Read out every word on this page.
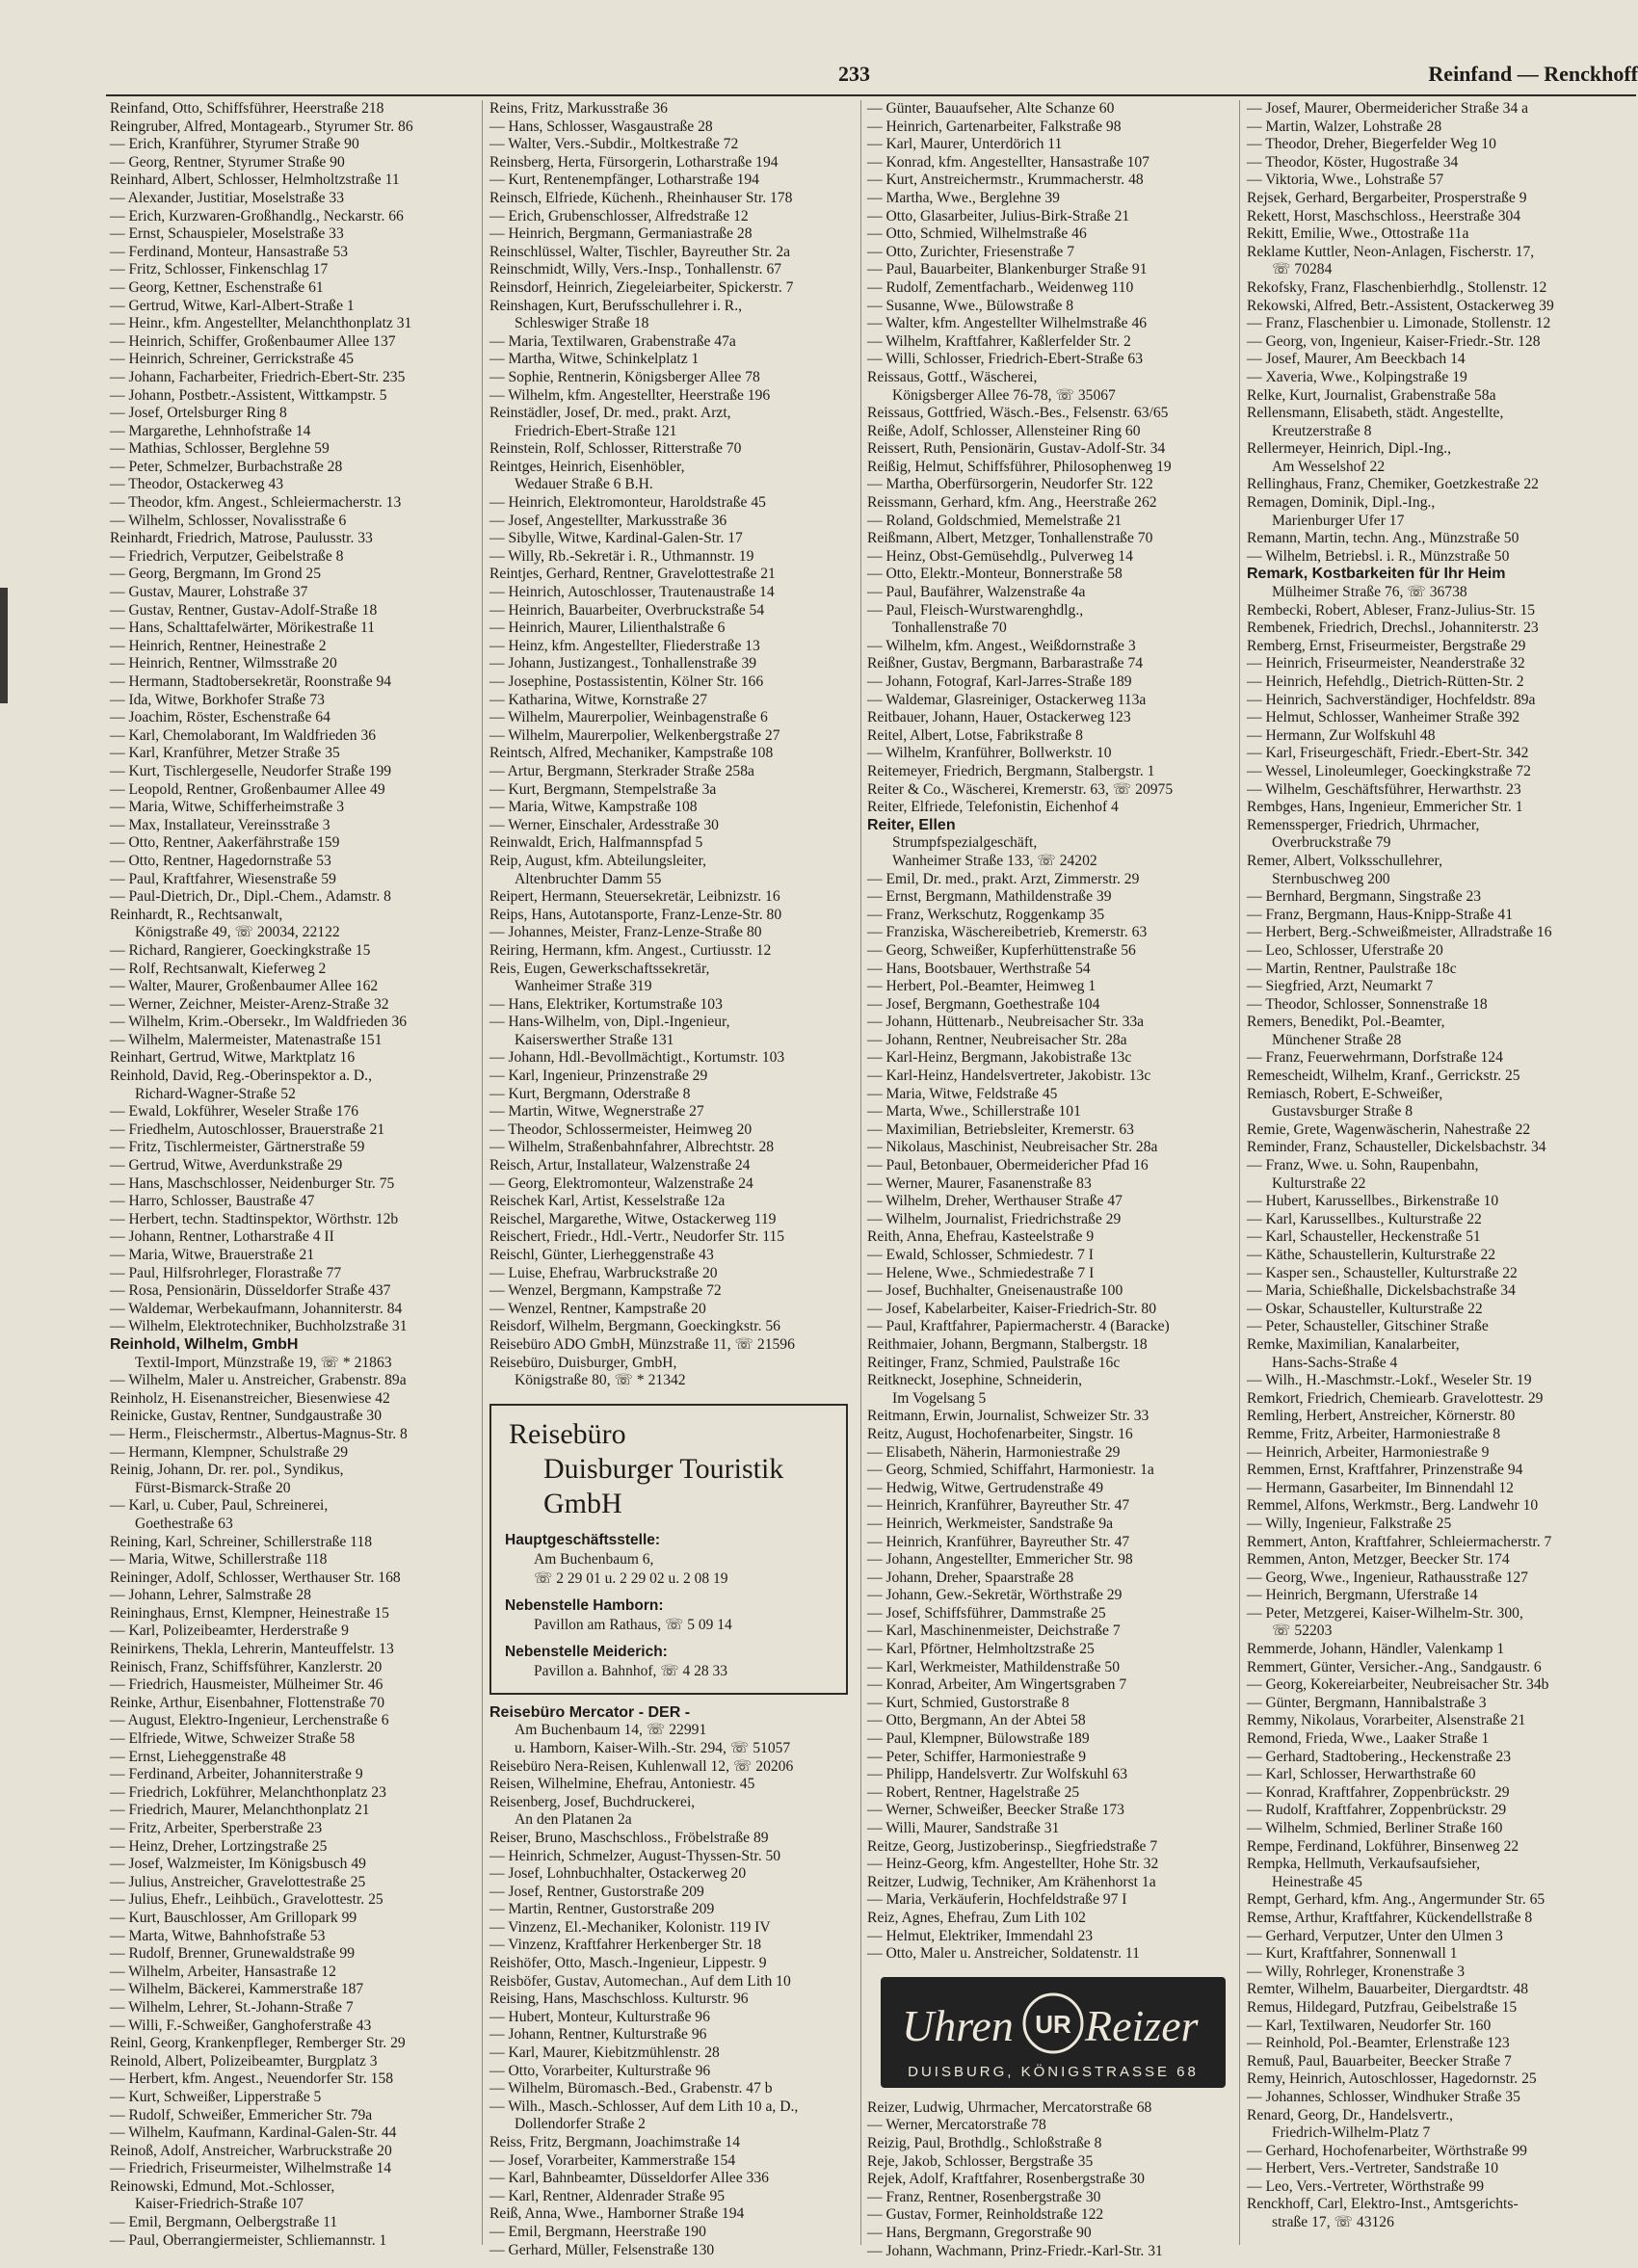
233	Reinfand — Renckhoff
Reinfand, Otto, Schiffsführer, Heerstraße 218
Reingruber, Alfred, Montagearb., Styrumer Str. 86
— Erich, Kranführer, Styrumer Straße 90
— Georg, Rentner, Styrumer Straße 90
Reinhard, Albert, Schlosser, Helmholtzstraße 11
— Alexander, Justitiar, Moselstraße 33
— Erich, Kurzwaren-Großhandlg., Neckarstr. 66
— Ernst, Schauspieler, Moselstraße 33
— Ferdinand, Monteur, Hansastraße 53
— Fritz, Schlosser, Finkenschlag 17
— Georg, Kettner, Eschenstraße 61
— Gertrud, Witwe, Karl-Albert-Straße 1
— Heinr., kfm. Angestellter, Melanchthonplatz 31
— Heinrich, Schiffer, Großenbaumer Allee 137
— Heinrich, Schreiner, Gerrickstraße 45
— Johann, Facharbeiter, Friedrich-Ebert-Str. 235
— Johann, Postbetr.-Assistent, Wittkampstr. 5
— Josef, Ortelsburger Ring 8
— Margarethe, Lehnhofstraße 14
— Mathias, Schlosser, Berglehne 59
— Peter, Schmelzer, Burbachstraße 28
— Theodor, Ostackerweg 43
— Theodor, kfm. Angest., Schleiermacherstr. 13
— Wilhelm, Schlosser, Novalisstraße 6
Reinhardt, Friedrich, Matrose, Paulusstr. 33
— Friedrich, Verputzer, Geibelstraße 8
— Georg, Bergmann, Im Grond 25
— Gustav, Maurer, Lohstraße 37
— Gustav, Rentner, Gustav-Adolf-Straße 18
— Hans, Schalttafelwärter, Mörikestraße 11
— Heinrich, Rentner, Heinestraße 2
— Heinrich, Rentner, Wilmsstraße 20
— Hermann, Stadtobersekretär, Roonstraße 94
— Ida, Witwe, Borkhofer Straße 73
— Joachim, Röster, Eschenstraße 64
— Karl, Chemolaborant, Im Waldfrieden 36
— Karl, Kranführer, Metzer Straße 35
— Kurt, Tischlergeselle, Neudorfer Straße 199
— Leopold, Rentner, Großenbaumer Allee 49
— Maria, Witwe, Schifferheimstraße 3
— Max, Installateur, Vereinsstraße 3
— Otto, Rentner, Aakerfährstraße 159
— Otto, Rentner, Hagedornstraße 53
— Paul, Kraftfahrer, Wiesenstraße 59
— Paul-Dietrich, Dr., Dipl.-Chem., Adamstr. 8
Reinhardt, R., Rechtsanwalt,
Königstraße 49, ☏ 20034, 22122
— Richard, Rangierer, Goeckingkstraße 15
— Rolf, Rechtsanwalt, Kieferweg 2
— Walter, Maurer, Großenbaumer Allee 162
— Werner, Zeichner, Meister-Arenz-Straße 32
— Wilhelm, Krim.-Obersekr., Im Waldfrieden 36
— Wilhelm, Malermeister, Matenastraße 151
Reinhart, Gertrud, Witwe, Marktplatz 16
Reinhold, David, Reg.-Oberinspektor a. D.,
Richard-Wagner-Straße 52
— Ewald, Lokführer, Weseler Straße 176
— Friedhelm, Autoschlosser, Brauerstraße 21
— Fritz, Tischlermeister, Gärtnerstraße 59
— Gertrud, Witwe, Averdunkstraße 29
— Hans, Maschschlosser, Neidenburger Str. 75
— Harro, Schlosser, Baustraße 47
— Herbert, techn. Stadtinspektor, Wörthstr. 12b
— Johann, Rentner, Lotharstraße 4 II
— Maria, Witwe, Brauerstraße 21
— Paul, Hilfsrohrleger, Florastraße 77
— Rosa, Pensionärin, Düsseldorfer Straße 437
— Waldemar, Werbekaufmann, Johanniterstr. 84
— Wilhelm, Elektrotechniker, Buchholzstraße 31
Reinhold, Wilhelm, GmbH
Textil-Import, Münzstraße 19, ☏ * 21863
— Wilhelm, Maler u. Anstreicher, Grabenstr. 89a
Reinholz, H. Eisenanstreicher, Biesenwiese 42
Reinicke, Gustav, Rentner, Sundgaustraße 30
— Herm., Fleischermstr., Albertus-Magnus-Str. 8
— Hermann, Klempner, Schulstraße 29
Reinig, Johann, Dr. rer. pol., Syndikus,
Fürst-Bismarck-Straße 20
— Karl, u. Cuber, Paul, Schreinerei,
Goethestraße 63
Reining, Karl, Schreiner, Schillerstraße 118
— Maria, Witwe, Schillerstraße 118
Reininger, Adolf, Schlosser, Werthauser Str. 168
— Johann, Lehrer, Salmstraße 28
Reininghaus, Ernst, Klempner, Heinestraße 15
— Karl, Polizeibeamter, Herderstraße 9
Reinirkens, Thekla, Lehrerin, Manteuffelstr. 13
Reinisch, Franz, Schiffsführer, Kanzlerstr. 20
— Friedrich, Hausmeister, Mülheimer Str. 46
Reinke, Arthur, Eisenbahner, Flottenstraße 70
— August, Elektro-Ingenieur, Lerchenstraße 6
— Elfriede, Witwe, Schweizer Straße 58
— Ernst, Lieheggenstraße 48
— Ferdinand, Arbeiter, Johanniterstraße 9
— Friedrich, Lokführer, Melanchthonplatz 23
— Friedrich, Maurer, Melanchthonplatz 21
— Fritz, Arbeiter, Sperberstraße 23
— Heinz, Dreher, Lortzingstraße 25
— Josef, Walzmeister, Im Königsbusch 49
— Julius, Anstreicher, Gravelottestraße 25
— Julius, Ehefr., Leihbüch., Gravelottestr. 25
— Kurt, Bauschlosser, Am Grillopark 99
— Marta, Witwe, Bahnhofstraße 53
— Rudolf, Brenner, Grunewaldstraße 99
— Wilhelm, Arbeiter, Hansastraße 12
— Wilhelm, Bäckerei, Kammerstraße 187
— Wilhelm, Lehrer, St.-Johann-Straße 7
— Willi, F.-Schweißer, Ganghoferstraße 43
Reinl, Georg, Krankenpfleger, Remberger Str. 29
Reinold, Albert, Polizeibeamter, Burgplatz 3
— Herbert, kfm. Angest., Neuendorfer Str. 158
— Kurt, Schweißer, Lipperstraße 5
— Rudolf, Schweißer, Emmericher Str. 79a
— Wilhelm, Kaufmann, Kardinal-Galen-Str. 44
Reinoß, Adolf, Anstreicher, Warbruckstraße 20
— Friedrich, Friseurmeister, Wilhelmstraße 14
Reinowski, Edmund, Mot.-Schlosser,
Kaiser-Friedrich-Straße 107
— Emil, Bergmann, Oelbergstraße 11
— Paul, Oberrangiermeister, Schliemannstr. 1
Reins, Fritz, Markusstraße 36
— Hans, Schlosser, Wasgaustraße 28
— Walter, Vers.-Subdir., Moltkestraße 72
Reinsberg, Herta, Fürsorgerin, Lotharstraße 194
— Kurt, Rentenempfänger, Lotharstraße 194
Reinsch, Elfriede, Küchenh., Rheinhauser Str. 178
— Erich, Grubenschlosser, Alfredstraße 12
— Heinrich, Bergmann, Germaniastraße 28
Reinschlüssel, Walter, Tischler, Bayreuther Str. 2a
Reinschmidt, Willy, Vers.-Insp., Tonhallenstr. 67
Reinsdorf, Heinrich, Ziegeleiarbeiter, Spickerstr. 7
Reinshagen, Kurt, Berufsschullehrer i. R.,
Schleswiger Straße 18
— Maria, Textilwaren, Grabenstraße 47a
— Martha, Witwe, Schinkelplatz 1
— Sophie, Rentnerin, Königsberger Allee 78
— Wilhelm, kfm. Angestellter, Heerstraße 196
Reinstädler, Josef, Dr. med., prakt. Arzt,
Friedrich-Ebert-Straße 121
Reinstein, Rolf, Schlosser, Ritterstraße 70
Reintges, Heinrich, Eisenhöbler,
Wedauer Straße 6 B.H.
— Heinrich, Elektromonteur, Haroldstraße 45
— Josef, Angestellter, Markusstraße 36
— Sibylle, Witwe, Kardinal-Galen-Str. 17
— Willy, Rb.-Sekretär i. R., Uthmannstr. 19
Reintjes, Gerhard, Rentner, Gravelottestraße 21
— Heinrich, Autoschlosser, Trautenaustraße 14
— Heinrich, Bauarbeiter, Overbruckstraße 54
— Heinrich, Maurer, Lilienthalstraße 6
— Heinz, kfm. Angestellter, Fliederstraße 13
— Johann, Justizangest., Tonhallenstraße 39
— Josephine, Postassistentin, Kölner Str. 166
— Katharina, Witwe, Kornstraße 27
— Wilhelm, Maurerpolier, Weinbagenstraße 6
— Wilhelm, Maurerpolier, Welkenbergstraße 27
Reintsch, Alfred, Mechaniker, Kampstraße 108
— Artur, Bergmann, Sterkrader Straße 258a
— Kurt, Bergmann, Stempelstraße 3a
— Maria, Witwe, Kampstraße 108
— Werner, Einschaler, Ardesstraße 30
Reinwaldt, Erich, Halfmannspfad 5
Reip, August, kfm. Abteilungsleiter,
Altenbruchter Damm 55
Reipert, Hermann, Steuersekretär, Leibnizstr. 16
Reips, Hans, Autotansporte, Franz-Lenze-Str. 80
— Johannes, Meister, Franz-Lenze-Straße 80
Reiring, Hermann, kfm. Angest., Curtiusstr. 12
Reis, Eugen, Gewerkschaftssekretär,
Wanheimer Straße 319
— Hans, Elektriker, Kortumstraße 103
— Hans-Wilhelm, von, Dipl.-Ingenieur,
Kaiserswerther Straße 131
— Johann, Hdl.-Bevollmächtigt., Kortumstr. 103
— Karl, Ingenieur, Prinzenstraße 29
— Kurt, Bergmann, Oderstraße 8
— Martin, Witwe, Wegnerstraße 27
— Theodor, Schlossermeister, Heimweg 20
— Wilhelm, Straßenbahnfahrer, Albrechtstr. 28
Reisch, Artur, Installateur, Walzenstraße 24
— Georg, Elektromonteur, Walzenstraße 24
Reischek Karl, Artist, Kesselstraße 12a
Reischel, Margarethe, Witwe, Ostackerweg 119
Reischert, Friedr., Hdl.-Vertr., Neudorfer Str. 115
Reischl, Günter, Lierheggenstraße 43
— Luise, Ehefrau, Warbruckstraße 20
— Wenzel, Bergmann, Kampstraße 72
— Wenzel, Rentner, Kampstraße 20
Reisdorf, Wilhelm, Bergmann, Goeckingkstr. 56
Reisebüro ADO GmbH, Münzstraße 11, ☏ 21596
Reisebüro, Duisburger, GmbH,
Königstraße 80, ☏ * 21342
Reisebüro
Duisburger Touristik
GmbH
Hauptgeschäftsstelle:
Am Buchenbaum 6,
☏ 2 29 01 u. 2 29 02 u. 2 08 19
Nebenstelle Hamborn:
Pavillon am Rathaus, ☏ 5 09 14
Nebenstelle Meiderich:
Pavillon a. Bahnhof, ☏ 4 28 33
Reisebüro Mercator - DER -
Am Buchenbaum 14, ☏ 22991
u. Hamborn, Kaiser-Wilh.-Str. 294, ☏ 51057
Reisebüro Nera-Reisen, Kuhlenwall 12, ☏ 20206
Reisen, Wilhelmine, Ehefrau, Antoniestr. 45
Reisenberg, Josef, Buchdruckerei,
An den Platanen 2a
Reiser, Bruno, Maschschloss., Fröbelstraße 89
— Heinrich, Schmelzer, August-Thyssen-Str. 50
— Josef, Lohnbuchhalter, Ostackerweg 20
— Josef, Rentner, Gustorstraße 209
— Martin, Rentner, Gustorstraße 209
— Vinzenz, El.-Mechaniker, Kolonistr. 119 IV
— Vinzenz, Kraftfahrer Herkenberger Str. 18
Reishöfer, Otto, Masch.-Ingenieur, Lippestr. 9
Reisböfer, Gustav, Automechan., Auf dem Lith 10
Reising, Hans, Maschschloss. Kulturstr. 96
— Hubert, Monteur, Kulturstraße 96
— Johann, Rentner, Kulturstraße 96
— Karl, Maurer, Kiebitzmühlenstr. 28
— Otto, Vorarbeiter, Kulturstraße 96
— Wilhelm, Büromasch.-Bed., Grabenstr. 47 b
— Wilh., Masch.-Schlosser, Auf dem Lith 10 a, D.,
Dollendorfer Straße 2
Reiss, Fritz, Bergmann, Joachimstraße 14
— Josef, Vorarbeiter, Kammerstraße 154
— Karl, Bahnbeamter, Düsseldorfer Allee 336
— Karl, Rentner, Aldenrader Straße 95
Reiß, Anna, Wwe., Hamborner Straße 194
— Emil, Bergmann, Heerstraße 190
— Gerhard, Müller, Felsenstraße 130
— Günter, Bauaufseher, Alte Schanze 60
— Heinrich, Gartenarbeiter, Falkstraße 98
— Karl, Maurer, Unterdörich 11
— Konrad, kfm. Angestellter, Hansastraße 107
— Kurt, Anstreichermstr., Krummacherstr. 48
— Martha, Wwe., Berglehne 39
— Otto, Glasarbeiter, Julius-Birk-Straße 21
— Otto, Schmied, Wilhelmstraße 46
— Otto, Zurichter, Friesenstraße 7
— Paul, Bauarbeiter, Blankenburger Straße 91
— Rudolf, Zementfacharb., Weidenweg 110
— Susanne, Wwe., Bülowstraße 8
— Walter, kfm. Angestellter Wilhelmstraße 46
— Wilhelm, Kraftfahrer, Kaßlerfelder Str. 2
— Willi, Schlosser, Friedrich-Ebert-Straße 63
Reissaus, Gottf., Wäscherei,
Königsberger Allee 76-78, ☏ 35067
Reissaus, Gottfried, Wäsch.-Bes., Felsenstr. 63/65
Reiße, Adolf, Schlosser, Allensteiner Ring 60
Reissert, Ruth, Pensionärin, Gustav-Adolf-Str. 34
Reißig, Helmut, Schiffsführer, Philosophenweg 19
— Martha, Oberfürsorgerin, Neudorfer Str. 122
Reissmann, Gerhard, kfm. Ang., Heerstraße 262
— Roland, Goldschmied, Memelstraße 21
Reißmann, Albert, Metzger, Tonhallenstraße 70
— Heinz, Obst-Gemüsehdlg., Pulverweg 14
— Otto, Elektr.-Monteur, Bonnerstraße 58
— Paul, Baufährer, Walzenstraße 4a
— Paul, Fleisch-Wurstwarenghdlg.,
Tonhallenstraße 70
— Wilhelm, kfm. Angest., Weißdornstraße 3
Reißner, Gustav, Bergmann, Barbarastraße 74
— Johann, Fotograf, Karl-Jarres-Straße 189
— Waldemar, Glasreiniger, Ostackerweg 113a
Reitbauer, Johann, Hauer, Ostackerweg 123
Reitel, Albert, Lotse, Fabrikstraße 8
— Wilhelm, Kranführer, Bollwerkstr. 10
Reitemeyer, Friedrich, Bergmann, Stalbergstr. 1
Reiter & Co., Wäscherei, Kremerstr. 63, ☏ 20975
Reiter, Elfriede, Telefonistin, Eichenhof 4
Reiter, Ellen
Strumpfspezialgeschäft,
Wanheimer Straße 133, ☏ 24202
— Emil, Dr. med., prakt. Arzt, Zimmerstr. 29
— Ernst, Bergmann, Mathildenstraße 39
— Franz, Werkschutz, Roggenkamp 35
— Franziska, Wäschereibetrieb, Kremerstr. 63
— Georg, Schweißer, Kupferhüttenstraße 56
— Hans, Bootsbauer, Werthstraße 54
— Herbert, Pol.-Beamter, Heimweg 1
— Josef, Bergmann, Goethestraße 104
— Johann, Hüttenarb., Neubreisacher Str. 33a
— Johann, Rentner, Neubreisacher Str. 28a
— Karl-Heinz, Bergmann, Jakobistraße 13c
— Karl-Heinz, Handelsvertreter, Jakobistr. 13c
— Maria, Witwe, Feldstraße 45
— Marta, Wwe., Schillerstraße 101
— Maximilian, Betriebsleiter, Kremerstr. 63
— Nikolaus, Maschinist, Neubreisacher Str. 28a
— Paul, Betonbauer, Obermeidericher Pfad 16
— Werner, Maurer, Fasanenstraße 83
— Wilhelm, Dreher, Werthauser Straße 47
— Wilhelm, Journalist, Friedrichstraße 29
Reith, Anna, Ehefrau, Kasteelstraße 9
— Ewald, Schlosser, Schmiedestr. 7 I
— Helene, Wwe., Schmiedestraße 7 I
— Josef, Buchhalter, Gneisenaustraße 100
— Josef, Kabelarbeiter, Kaiser-Friedrich-Str. 80
— Paul, Kraftfahrer, Papiermacherstr. 4 (Baracke)
Reithmaier, Johann, Bergmann, Stalbergstr. 18
Reitinger, Franz, Schmied, Paulstraße 16c
Reitkneckt, Josephine, Schneiderin,
Im Vogelsang 5
Reitmann, Erwin, Journalist, Schweizer Str. 33
Reitz, August, Hochofenarbeiter, Singstr. 16
— Elisabeth, Näherin, Harmoniestraße 29
— Georg, Schmied, Schiffahrt, Harmoniestr. 1a
— Hedwig, Witwe, Gertrudenstraße 49
— Heinrich, Kranführer, Bayreuther Str. 47
— Heinrich, Werkmeister, Sandstraße 9a
— Heinrich, Kranführer, Bayreuther Str. 47
— Johann, Angestellter, Emmericher Str. 98
— Johann, Dreher, Spaarstraße 28
— Johann, Gew.-Sekretär, Wörthstraße 29
— Josef, Schiffsführer, Dammstraße 25
— Karl, Maschinenmeister, Deichstraße 7
— Karl, Pförtner, Helmholtzstraße 25
— Karl, Werkmeister, Mathildenstraße 50
— Konrad, Arbeiter, Am Wingertsgraben 7
— Kurt, Schmied, Gustorstraße 8
— Otto, Bergmann, An der Abtei 58
— Paul, Klempner, Bülowstraße 189
— Peter, Schiffer, Harmoniestraße 9
— Philipp, Handelsvertr. Zur Wolfskuhl 63
— Robert, Rentner, Hagelstraße 25
— Werner, Schweißer, Beecker Straße 173
— Willi, Maurer, Sandstraße 31
Reitze, Georg, Justizoberinsp., Siegfriedstraße 7
— Heinz-Georg, kfm. Angestellter, Hohe Str. 32
Reitzer, Ludwig, Techniker, Am Krähenhorst 1a
— Maria, Verkäuferin, Hochfeldstraße 97 I
Reiz, Agnes, Ehefrau, Zum Lith 102
— Helmut, Elektriker, Immendahl 23
— Otto, Maler u. Anstreicher, Soldatenstr. 11
Uhren UR Reizer
DUISBURG, KÖNIGSTRASSE 68
Reizer, Ludwig, Uhrmacher, Mercatorstraße 68
— Werner, Mercatorstraße 78
Reizig, Paul, Brothdlg., Schloßstraße 8
Reje, Jakob, Schlosser, Bergstraße 35
Rejek, Adolf, Kraftfahrer, Rosenbergstraße 30
— Franz, Rentner, Rosenbergstraße 30
— Gustav, Former, Reinholdstraße 122
— Hans, Bergmann, Gregorstraße 90
— Johann, Wachmann, Prinz-Friedr.-Karl-Str. 31
— Josef, Maurer, Obermeidericher Straße 34 a
— Martin, Walzer, Lohstraße 28
— Theodor, Dreher, Biegerfelder Weg 10
— Theodor, Köster, Hugostraße 34
— Viktoria, Wwe., Lohstraße 57
Rejsek, Gerhard, Bergarbeiter, Prosperstraße 9
Rekett, Horst, Maschschloss., Heerstraße 304
Rekitt, Emilie, Wwe., Ottostraße 11a
Reklame Kuttler, Neon-Anlagen, Fischerstr. 17,
☏ 70284
Rekofsky, Franz, Flaschenbierhdlg., Stollenstr. 12
Rekowski, Alfred, Betr.-Assistent, Ostackerweg 39
— Franz, Flaschenbier u. Limonade, Stollenstr. 12
— Georg, von, Ingenieur, Kaiser-Friedr.-Str. 128
— Josef, Maurer, Am Beeckbach 14
— Xaveria, Wwe., Kolpingstraße 19
Relke, Kurt, Journalist, Grabenstraße 58a
Rellensmann, Elisabeth, städt. Angestellte,
Kreutzerstraße 8
Rellermeyer, Heinrich, Dipl.-Ing.,
Am Wesselshof 22
Rellinghaus, Franz, Chemiker, Goetzkestraße 22
Remagen, Dominik, Dipl.-Ing.,
Marienburger Ufer 17
Remann, Martin, techn. Ang., Münzstraße 50
— Wilhelm, Betriebsl. i. R., Münzstraße 50
Remark, Kostbarkeiten für Ihr Heim
Mülheimer Straße 76, ☏ 36738
Rembecki, Robert, Ableser, Franz-Julius-Str. 15
Rembenek, Friedrich, Drechsl., Johanniterstr. 23
Remberg, Ernst, Friseurmeister, Bergstraße 29
— Heinrich, Friseurmeister, Neanderstraße 32
— Heinrich, Hefehdlg., Dietrich-Rütten-Str. 2
— Heinrich, Sachverständiger, Hochfeldstr. 89a
— Helmut, Schlosser, Wanheimer Straße 392
— Hermann, Zur Wolfskuhl 48
— Karl, Friseurgeschäft, Friedr.-Ebert-Str. 342
— Wessel, Linoleumleger, Goeckingkstraße 72
— Wilhelm, Geschäftsführer, Herwarthstr. 23
Rembges, Hans, Ingenieur, Emmericher Str. 1
Remenssperger, Friedrich, Uhrmacher,
Overbruckstraße 79
Remer, Albert, Volksschullehrer,
Sternbuschweg 200
— Bernhard, Bergmann, Singstraße 23
— Franz, Bergmann, Haus-Knipp-Straße 41
— Herbert, Berg.-Schweißmeister, Allradstraße 16
— Leo, Schlosser, Uferstraße 20
— Martin, Rentner, Paulstraße 18c
— Siegfried, Arzt, Neumarkt 7
— Theodor, Schlosser, Sonnenstraße 18
Remers, Benedikt, Pol.-Beamter,
Münchener Straße 28
— Franz, Feuerwehrmann, Dorfstraße 124
Remescheidt, Wilhelm, Kranf., Gerrickstr. 25
Remiasch, Robert, E-Schweißer,
Gustavsburger Straße 8
Remie, Grete, Wagenwäscherin, Nahestraße 22
Reminder, Franz, Schausteller, Dickelsbachstr. 34
— Franz, Wwe. u. Sohn, Raupenbahn,
Kulturstraße 22
— Hubert, Karussellbes., Birkenstraße 10
— Karl, Karussellbes., Kulturstraße 22
— Karl, Schausteller, Heckenstraße 51
— Käthe, Schaustellerin, Kulturstraße 22
— Kasper sen., Schausteller, Kulturstraße 22
— Maria, Schießhalle, Dickelsbachstraße 34
— Oskar, Schausteller, Kulturstraße 22
— Peter, Schausteller, Gitschiner Straße
Remke, Maximilian, Kanalarbeiter,
Hans-Sachs-Straße 4
— Wilh., H.-Maschmstr.-Lokf., Weseler Str. 19
Remkort, Friedrich, Chemiearb. Gravelottestr. 29
Remling, Herbert, Anstreicher, Körnerstr. 80
Remme, Fritz, Arbeiter, Harmoniestraße 8
— Heinrich, Arbeiter, Harmoniestraße 9
Remmen, Ernst, Kraftfahrer, Prinzenstraße 94
— Hermann, Gasarbeiter, Im Binnendahl 12
Remmel, Alfons, Werkmstr., Berg. Landwehr 10
— Willy, Ingenieur, Falkstraße 25
Remmert, Anton, Kraftfahrer, Schleiermacherstr. 7
Remmen, Anton, Metzger, Beecker Str. 174
— Georg, Wwe., Ingenieur, Rathausstraße 127
— Heinrich, Bergmann, Uferstraße 14
— Peter, Metzgerei, Kaiser-Wilhelm-Str. 300,
☏ 52203
Remmerde, Johann, Händler, Valenkamp 1
Remmert, Günter, Versicher.-Ang., Sandgaustr. 6
— Georg, Kokereiarbeiter, Neubreisacher Str. 34b
— Günter, Bergmann, Hannibalstraße 3
Remmy, Nikolaus, Vorarbeiter, Alsenstraße 21
Remond, Frieda, Wwe., Laaker Straße 1
— Gerhard, Stadtobering., Heckenstraße 23
— Karl, Schlosser, Herwarthstraße 60
— Konrad, Kraftfahrer, Zoppenbrückstr. 29
— Rudolf, Kraftfahrer, Zoppenbrückstr. 29
— Wilhelm, Schmied, Berliner Straße 160
Rempe, Ferdinand, Lokführer, Binsenweg 22
Rempka, Hellmuth, Verkaufsaufsieher,
Heinestraße 45
Rempt, Gerhard, kfm. Ang., Angermunder Str. 65
Remse, Arthur, Kraftfahrer, Kückendellstraße 8
— Gerhard, Verputzer, Unter den Ulmen 3
— Kurt, Kraftfahrer, Sonnenwall 1
— Willy, Rohrleger, Kronenstraße 3
Remter, Wilhelm, Bauarbeiter, Diergardtstr. 48
Remus, Hildegard, Putzfrau, Geibelstraße 15
— Karl, Textilwaren, Neudorfer Str. 160
— Reinhold, Pol.-Beamter, Erlenstraße 123
Remuß, Paul, Bauarbeiter, Beecker Straße 7
Remy, Heinrich, Autoschlosser, Hagedornstr. 25
— Johannes, Schlosser, Windhuker Straße 35
Renard, Georg, Dr., Handelsvertr.,
Friedrich-Wilhelm-Platz 7
— Gerhard, Hochofenarbeiter, Wörthstraße 99
— Herbert, Vers.-Vertreter, Sandstraße 10
— Leo, Vers.-Vertreter, Wörthstraße 99
Renckhoff, Carl, Elektro-Inst., Amtsgerichts-
straße 17, ☏ 43126
